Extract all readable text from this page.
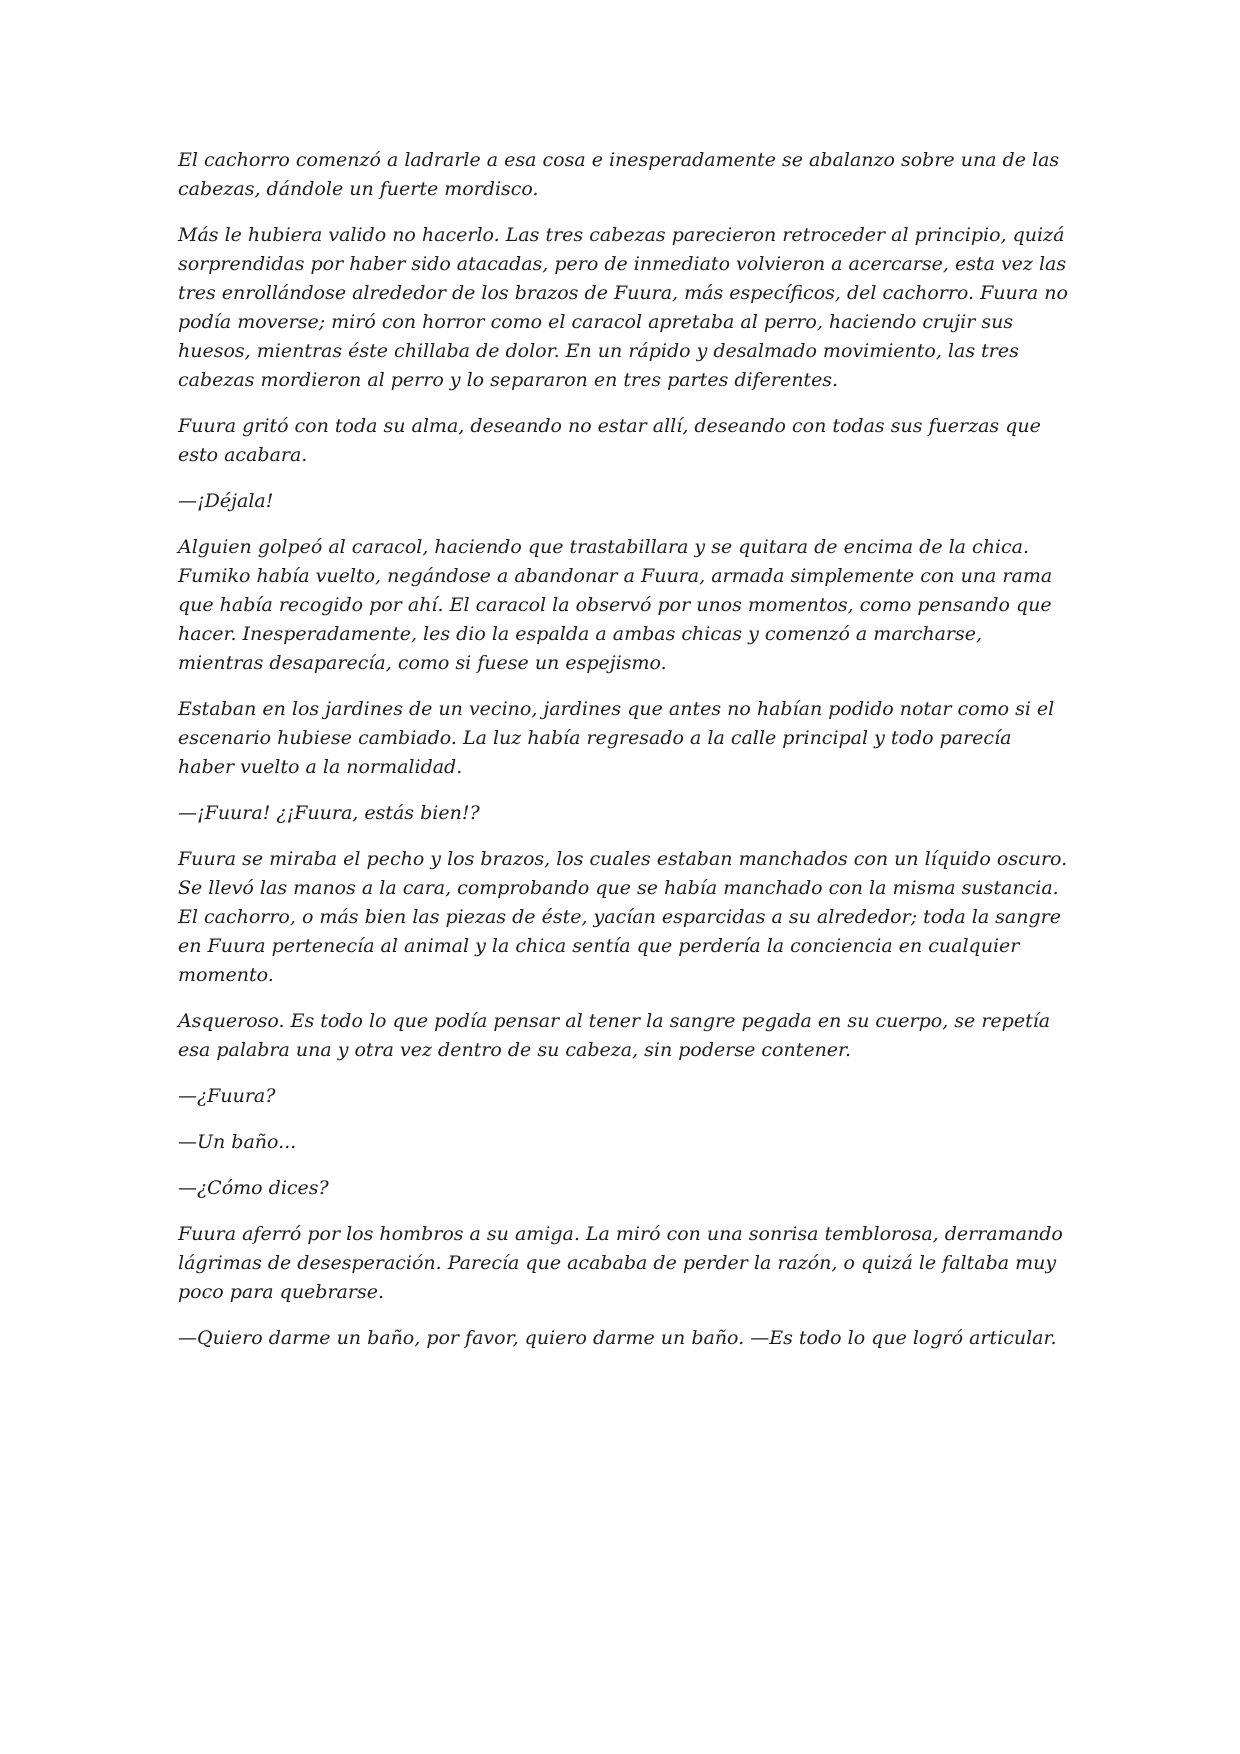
El cachorro comenzó a ladrarle a esa cosa e inesperadamente se abalanzo sobre una de las cabezas, dándole un fuerte mordisco.

Más le hubiera valido no hacerlo. Las tres cabezas parecieron retroceder al principio, quizá sorprendidas por haber sido atacadas, pero de inmediato volvieron a acercarse, esta vez las tres enrollándose alrededor de los brazos de Fuura, más específicos, del cachorro. Fuura no podía moverse; miró con horror como el caracol apretaba al perro, haciendo crujir sus huesos, mientras éste chillaba de dolor. En un rápido y desalmado movimiento, las tres cabezas mordieron al perro y lo separaron en tres partes diferentes.

Fuura gritó con toda su alma, deseando no estar allí, deseando con todas sus fuerzas que esto acabara.

—¡Déjala!

Alguien golpeó al caracol, haciendo que trastabillara y se quitara de encima de la chica. Fumiko había vuelto, negándose a abandonar a Fuura, armada simplemente con una rama que había recogido por ahí. El caracol la observó por unos momentos, como pensando que hacer. Inesperadamente, les dio la espalda a ambas chicas y comenzó a marcharse, mientras desaparecía, como si fuese un espejismo.

Estaban en los jardines de un vecino, jardines que antes no habían podido notar como si el escenario hubiese cambiado. La luz había regresado a la calle principal y todo parecía haber vuelto a la normalidad.

—¡Fuura! ¿¡Fuura, estás bien!?

Fuura se miraba el pecho y los brazos, los cuales estaban manchados con un líquido oscuro. Se llevó las manos a la cara, comprobando que se había manchado con la misma sustancia. El cachorro, o más bien las piezas de éste, yacían esparcidas a su alrededor; toda la sangre en Fuura pertenecía al animal y la chica sentía que perdería la conciencia en cualquier momento.

Asqueroso. Es todo lo que podía pensar al tener la sangre pegada en su cuerpo, se repetía esa palabra una y otra vez dentro de su cabeza, sin poderse contener.

—¿Fuura?

—Un baño...

—¿Cómo dices?

Fuura aferró por los hombros a su amiga. La miró con una sonrisa temblorosa, derramando lágrimas de desesperación. Parecía que acababa de perder la razón, o quizá le faltaba muy poco para quebrarse.

—Quiero darme un baño, por favor, quiero darme un baño. —Es todo lo que logró articular.
